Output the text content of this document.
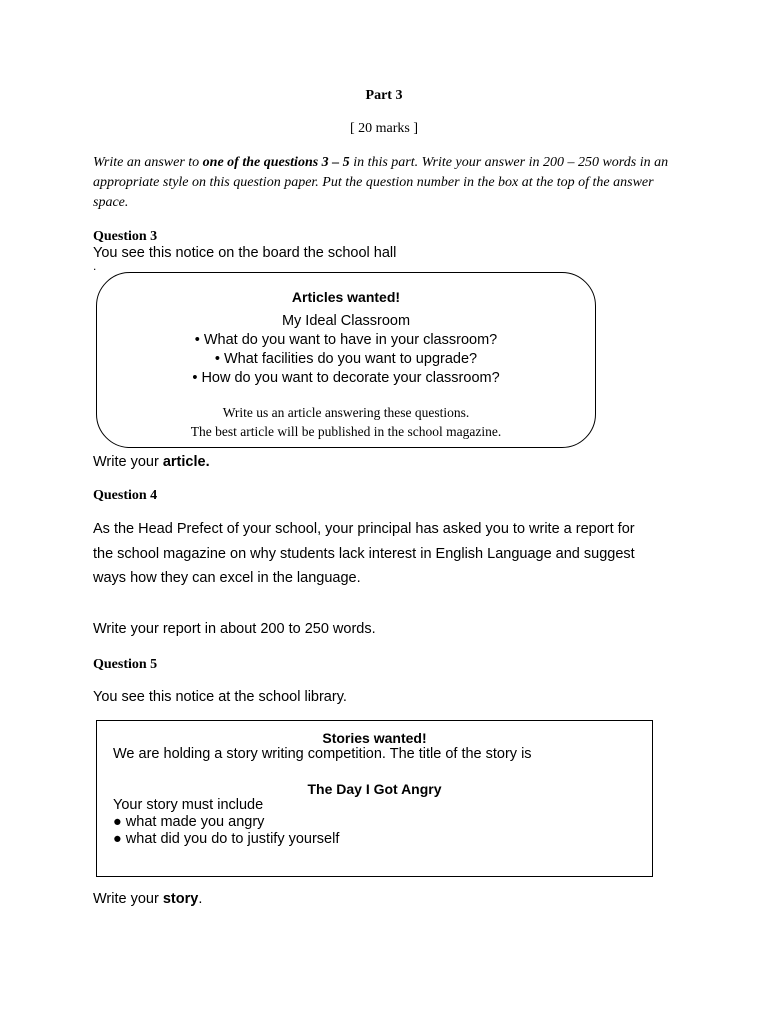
Part 3
[ 20 marks ]
Write an answer to one of the questions 3 – 5 in this part. Write your answer in 200 – 250 words in an appropriate style on this question paper. Put the question number in the box at the top of the answer space.
Question 3
You see this notice on the board the school hall
.
Articles wanted!
My Ideal Classroom
• What do you want to have in your classroom?
• What facilities do you want to upgrade?
• How do you want to decorate your classroom?
Write us an article answering these questions.
The best article will be published in the school magazine.
Write your article.
Question 4
As the Head Prefect of your school, your principal has asked you to write a report for
the school magazine on why students lack interest in English Language and suggest
ways how they can excel in the language.
Write your report in about 200 to 250 words.
Question 5
You see this notice at the school library.
Stories wanted!
We are holding a story writing competition. The title of the story is
The Day I Got Angry
Your story must include
● what made you angry
● what did you do to justify yourself
Write your story.
